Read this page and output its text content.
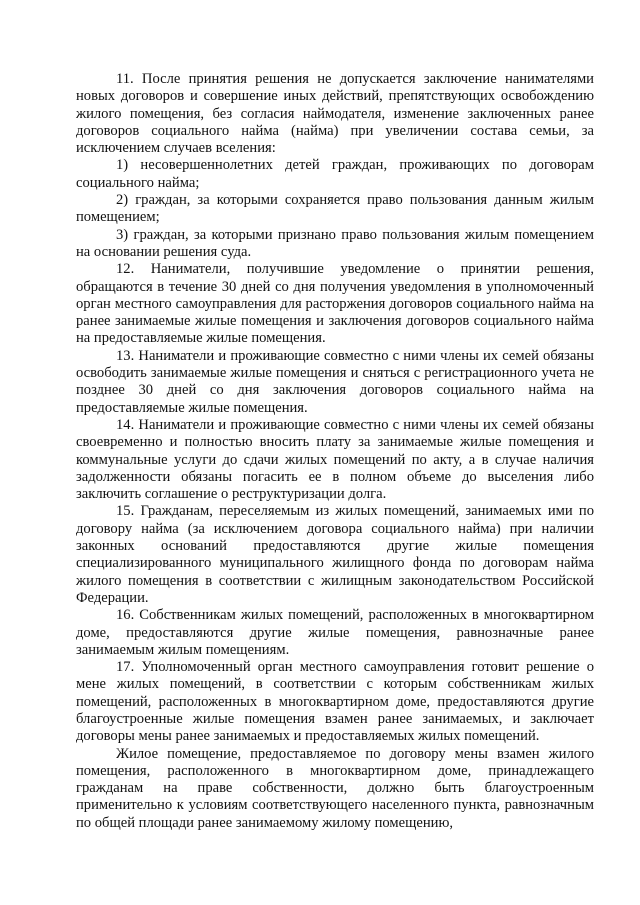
11. После принятия решения не допускается заключение нанимателями новых договоров и совершение иных действий, препятствующих освобождению жилого помещения, без согласия наймодателя, изменение заключенных ранее договоров социального найма (найма) при увеличении состава семьи, за исключением случаев вселения:

1) несовершеннолетних детей граждан, проживающих по договорам социального найма;

2) граждан, за которыми сохраняется право пользования данным жилым помещением;

3) граждан, за которыми признано право пользования жилым помещением на основании решения суда.

12. Наниматели, получившие уведомление о принятии решения, обращаются в течение 30 дней со дня получения уведомления в уполномоченный орган местного самоуправления для расторжения договоров социального найма на ранее занимаемые жилые помещения и заключения договоров социального найма на предоставляемые жилые помещения.

13. Наниматели и проживающие совместно с ними члены их семей обязаны освободить занимаемые жилые помещения и сняться с регистрационного учета не позднее 30 дней со дня заключения договоров социального найма на предоставляемые жилые помещения.

14. Наниматели и проживающие совместно с ними члены их семей обязаны своевременно и полностью вносить плату за занимаемые жилые помещения и коммунальные услуги до сдачи жилых помещений по акту, а в случае наличия задолженности обязаны погасить ее в полном объеме до выселения либо заключить соглашение о реструктуризации долга.

15. Гражданам, переселяемым из жилых помещений, занимаемых ими по договору найма (за исключением договора социального найма) при наличии законных оснований предоставляются другие жилые помещения специализированного муниципального жилищного фонда по договорам найма жилого помещения в соответствии с жилищным законодательством Российской Федерации.

16. Собственникам жилых помещений, расположенных в многоквартирном доме, предоставляются другие жилые помещения, равнозначные ранее занимаемым жилым помещениям.

17. Уполномоченный орган местного самоуправления готовит решение о мене жилых помещений, в соответствии с которым собственникам жилых помещений, расположенных в многоквартирном доме, предоставляются другие благоустроенные жилые помещения взамен ранее занимаемых, и заключает договоры мены ранее занимаемых и предоставляемых жилых помещений.

Жилое помещение, предоставляемое по договору мены взамен жилого помещения, расположенного в многоквартирном доме, принадлежащего гражданам на праве собственности, должно быть благоустроенным применительно к условиям соответствующего населенного пункта, равнозначным по общей площади ранее занимаемому жилому помещению,
